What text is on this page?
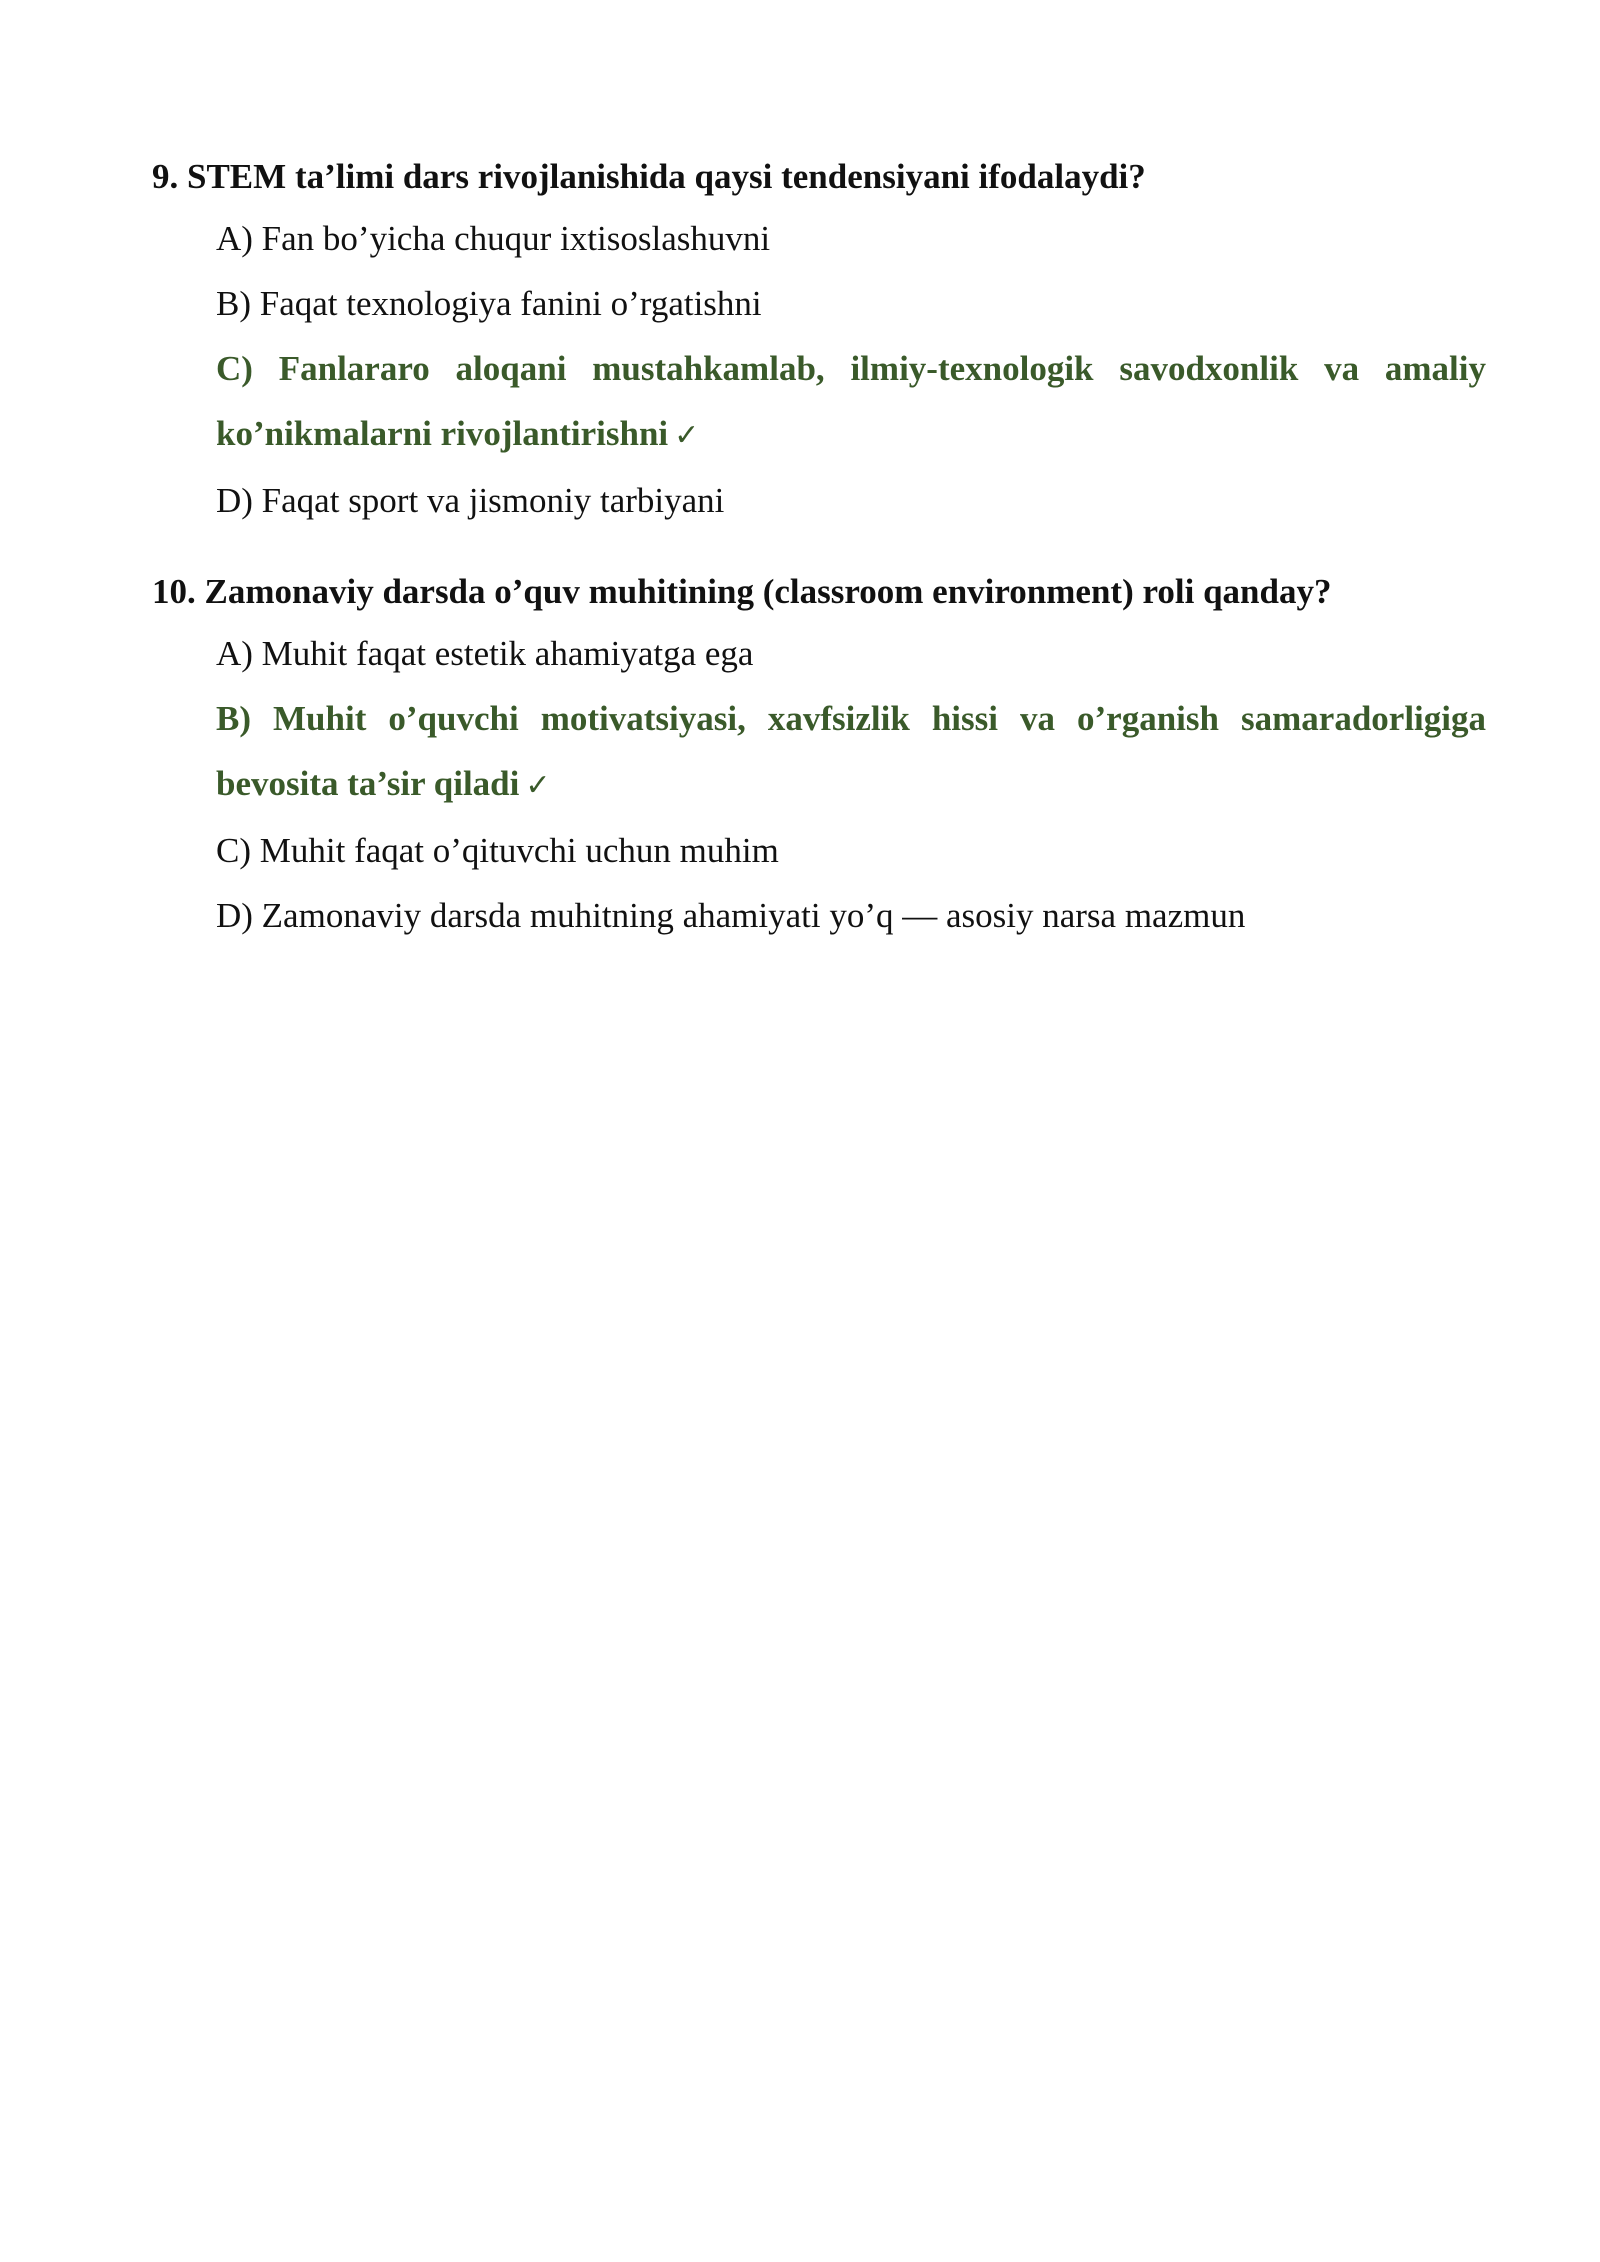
9. STEM ta’limi dars rivojlanishida qaysi tendensiyani ifodalaydi?

A) Fan bo’yicha chuqur ixtisoslashuvni
B) Faqat texnologiya fanini o’rgatishni
C) Fanlararo aloqani mustahkamlab, ilmiy-texnologik savodxonlik va amaliy ko’nikmalarni rivojlantirishni ✓
D) Faqat sport va jismoniy tarbiyani

10. Zamonaviy darsda o’quv muhitining (classroom environment) roli qanday?

A) Muhit faqat estetik ahamiyatga ega
B) Muhit o’quvchi motivatsiyasi, xavfsizlik hissi va o’rganish samaradorligiga bevosita ta’sir qiladi ✓
C) Muhit faqat o’qituvchi uchun muhim
D) Zamonaviy darsda muhitning ahamiyati yo’q — asosiy narsa mazmun
